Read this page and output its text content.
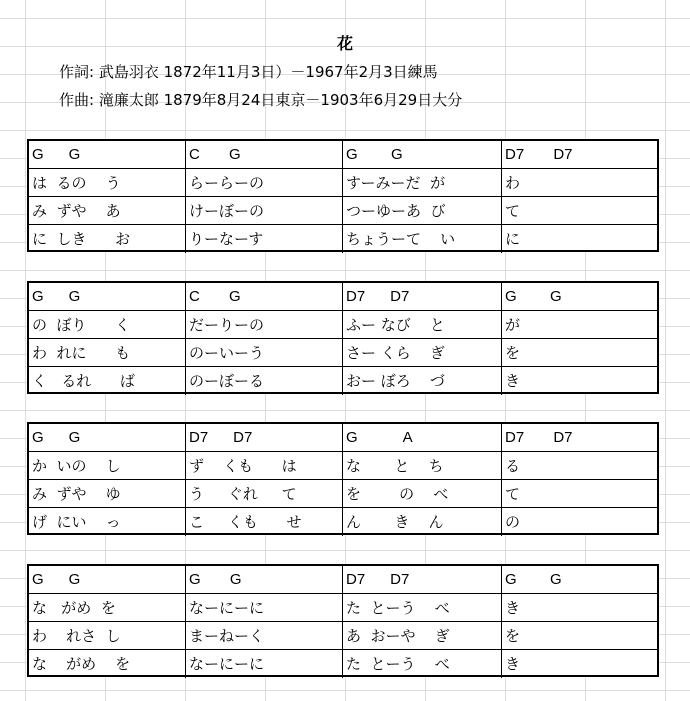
花
作詞: 武島羽衣 1872年11月3日）－1967年2月3日練馬
作曲: 滝廉太郎 1879年8月24日東京－1903年6月29日大分
G      G	C       G	G        G	D7       D7
は  るの    う	らーらーの	すーみーだ  が	わ
み  ずや    あ	けーぼーの	つーゆーあ  び	て
に  しき      お	りーなーす	ちょうーて    い	に
G      G	C       G	D7      D7	G        G
の  ぼり      く	だーりーの	ふー なび    と	が
わ  れに      も	のーいーう	さー くら    ぎ	を
く   るれ      ば	のーぼーる	おー ぼろ    づ	き
G      G	D7      D7	G           A	D7       D7
か  いの    し	ず    くも      は	な       と    ち	る
み  ずや    ゆ	う     ぐれ     て	を        の    べ	て
げ  にい    っ	こ     くも      せ	ん       き    ん	の
G      G	G       G	D7      D7	G        G
な   がめ  を	なーにーに	た  とーう    べ	き
わ    れさ  し	まーねーく	あ  おーや    ぎ	を
な    がめ    を	なーにーに	た  とーう    べ	き
